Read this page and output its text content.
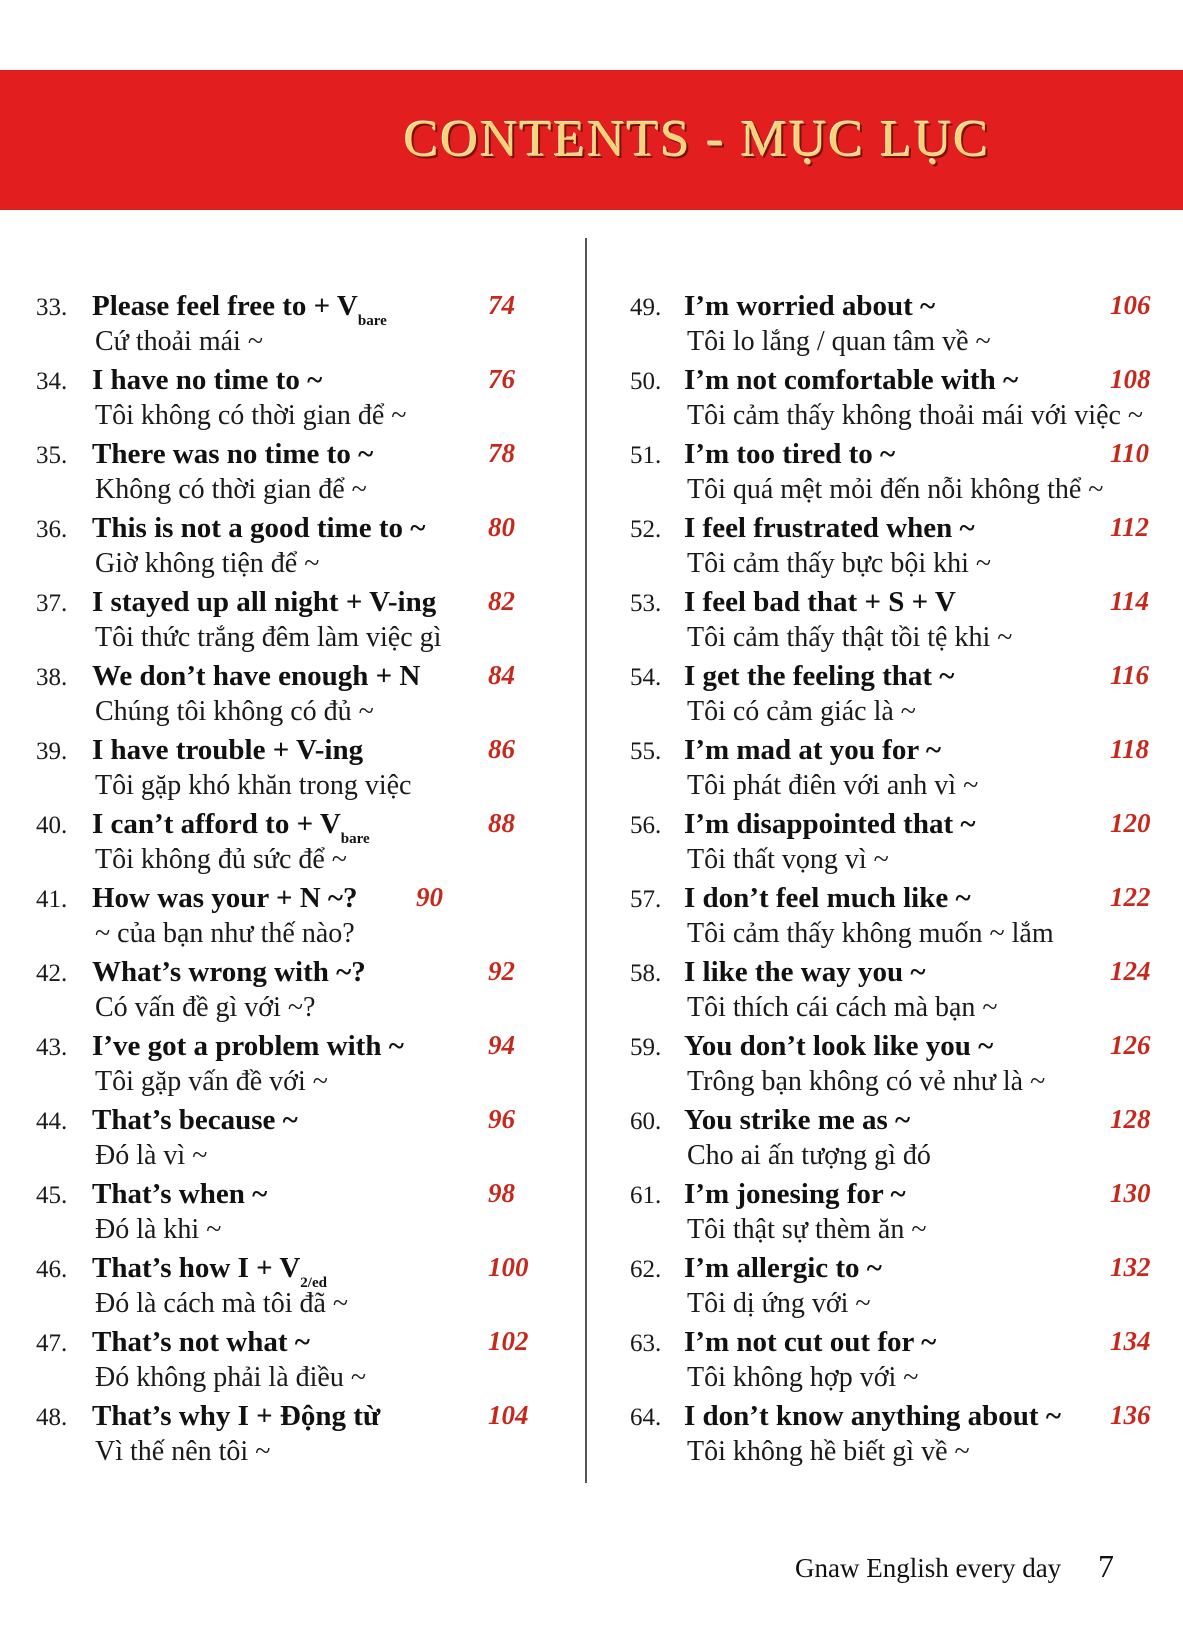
CONTENTS - MỤC LỤC
33. Please feel free to + $V_{bare}$
74
Cứ thoải mái ~
34. I have no time to ~	76
Tôi không có thời gian để ~
35. There was no time to ~	78
Không có thời gian để ~
36. This is not a good time to ~ 80
Giờ không tiện để ~
37. I stayed up all night + V-ing 82
Tôi thức trắng đêm làm việc gì
38. We don’t have enough + N	84
Chúng tôi không có đủ ~
39. I have trouble + V-ing	86
Tôi gặp khó khăn trong việc
40. I can’t afford to + $V_{bare}$
88
Tôi không đủ sức để ~
41. How was your + N ~? 90
~ của bạn như thế nào?
42. What’s wrong with ~?	92
Có vấn đề gì với ~?
43. I’ve got a problem with ~	94
Tôi gặp vấn đề với ~
44. That’s because ~	96
Đó là vì ~
45. That’s when ~	98
Đó là khi ~
46. That’s how $I + V_{2/ed}$
100
Đó là cách mà tôi đã ~
47. That’s not what ~	102
Đó không phải là điều ~
48. That’s why I + Động từ	104
Vì thế nên tôi ~
49. I’m worried about ~	106
Tôi lo lắng / quan tâm về ~
50. I’m not comfortable with ~	108
Tôi cảm thấy không thoải mái với việc ~
51. I’m too tired to ~	110
Tôi quá mệt mỏi đến nỗi không thể ~
52. I feel frustrated when ~	112
Tôi cảm thấy bực bội khi ~
53. I feel bad that + S + V	114
Tôi cảm thấy thật tồi tệ khi ~
54. I get the feeling that ~	116
Tôi có cảm giác là ~
55. I’m mad at you for ~	118
Tôi phát điên với anh vì ~
56. I’m disappointed that ~	120
Tôi thất vọng vì ~
57. I don’t feel much like ~	122
Tôi cảm thấy không muốn ~ lắm
58. I like the way you ~	124
Tôi thích cái cách mà bạn ~
59. You don’t look like you ~	126
Trông bạn không có vẻ như là ~
60. You strike me as ~	128
Cho ai ấn tượng gì đó
61. I’m jonesing for ~	130
Tôi thật sự thèm ăn ~
62. I’m allergic to ~	132
Tôi dị ứng với ~
63. I’m not cut out for ~	134
Tôi không hợp với ~
64. I don’t know anything about ~ 136
Tôi không hề biết gì về ~
Gnaw English every day 7
